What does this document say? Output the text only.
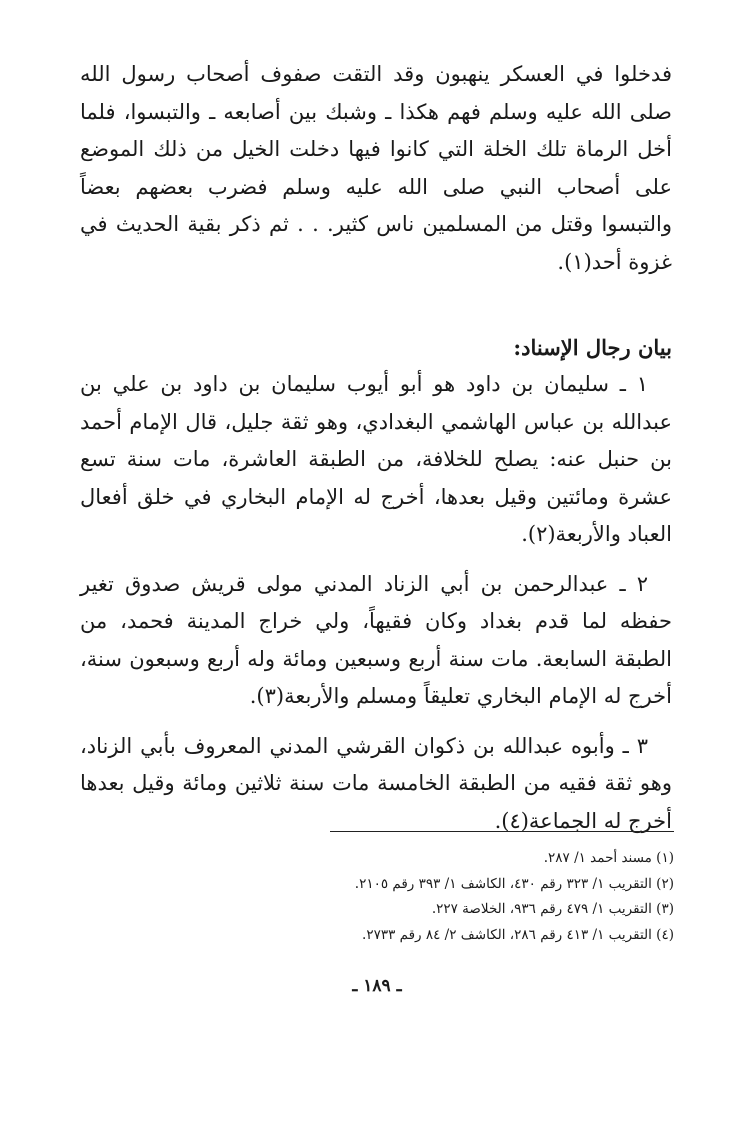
فدخلوا في العسكر ينهبون وقد التقت صفوف أصحاب رسول الله صلى الله عليه وسلم فهم هكذا ـ وشبك بين أصابعه ـ والتبسوا، فلما أخل الرماة تلك الخلة التي كانوا فيها دخلت الخيل من ذلك الموضع على أصحاب النبي صلى الله عليه وسلم فضرب بعضهم بعضاً والتبسوا وقتل من المسلمين ناس كثير. . . ثم ذكر بقية الحديث في غزوة أحد(١).

بيان رجال الإسناد:

١ ـ سليمان بن داود هو أبو أيوب سليمان بن داود بن علي بن عبدالله بن عباس الهاشمي البغدادي، وهو ثقة جليل، قال الإمام أحمد بن حنبل عنه: يصلح للخلافة، من الطبقة العاشرة، مات سنة تسع عشرة ومائتين وقيل بعدها، أخرج له الإمام البخاري في خلق أفعال العباد والأربعة(٢).

٢ ـ عبدالرحمن بن أبي الزناد المدني مولى قريش صدوق تغير حفظه لما قدم بغداد وكان فقيهاً، ولي خراج المدينة فحمد، من الطبقة السابعة. مات سنة أربع وسبعين ومائة وله أربع وسبعون سنة، أخرج له الإمام البخاري تعليقاً ومسلم والأربعة(٣).

٣ ـ وأبوه عبدالله بن ذكوان القرشي المدني المعروف بأبي الزناد، وهو ثقة فقيه من الطبقة الخامسة مات سنة ثلاثين ومائة وقيل بعدها أخرج له الجماعة(٤).

(١) مسند أحمد ١/ ٢٨٧.
(٢) التقريب ١/ ٣٢٣ رقم ٤٣٠، الكاشف ١/ ٣٩٣ رقم ٢١٠٥.
(٣) التقريب ١/ ٤٧٩ رقم ٩٣٦، الخلاصة ٢٢٧.
(٤) التقريب ١/ ٤١٣ رقم ٢٨٦، الكاشف ٢/ ٨٤ رقم ٢٧٣٣.
ـ ١٨٩ ـ
